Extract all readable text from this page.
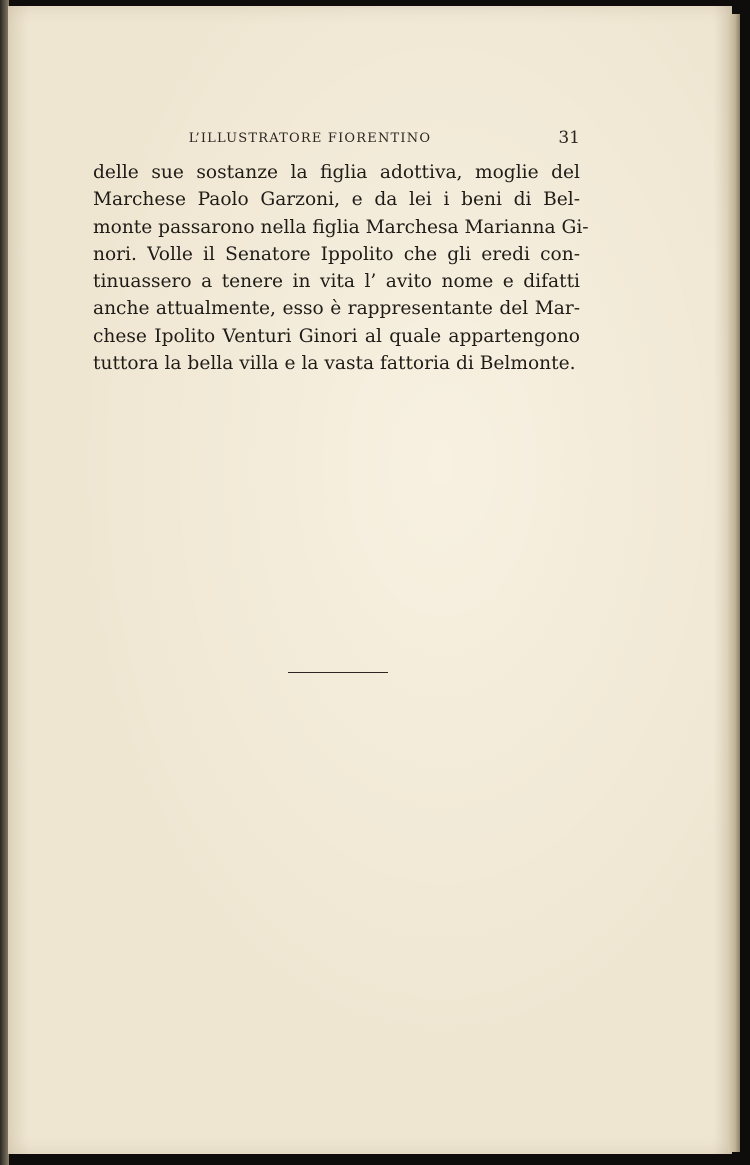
L’ILLUSTRATORE FIORENTINO	31
delle sue sostanze la figlia adottiva, moglie del
Marchese Paolo Garzoni, e da lei i beni di Bel-
monte passarono nella figlia Marchesa Marianna Gi-
nori. Volle il Senatore Ippolito che gli eredi con-
tinuassero a tenere in vita l’ avito nome e difatti
anche attualmente, esso è rappresentante del Mar-
chese Ipolito Venturi Ginori al quale appartengono
tuttora la bella villa e la vasta fattoria di Belmonte.
